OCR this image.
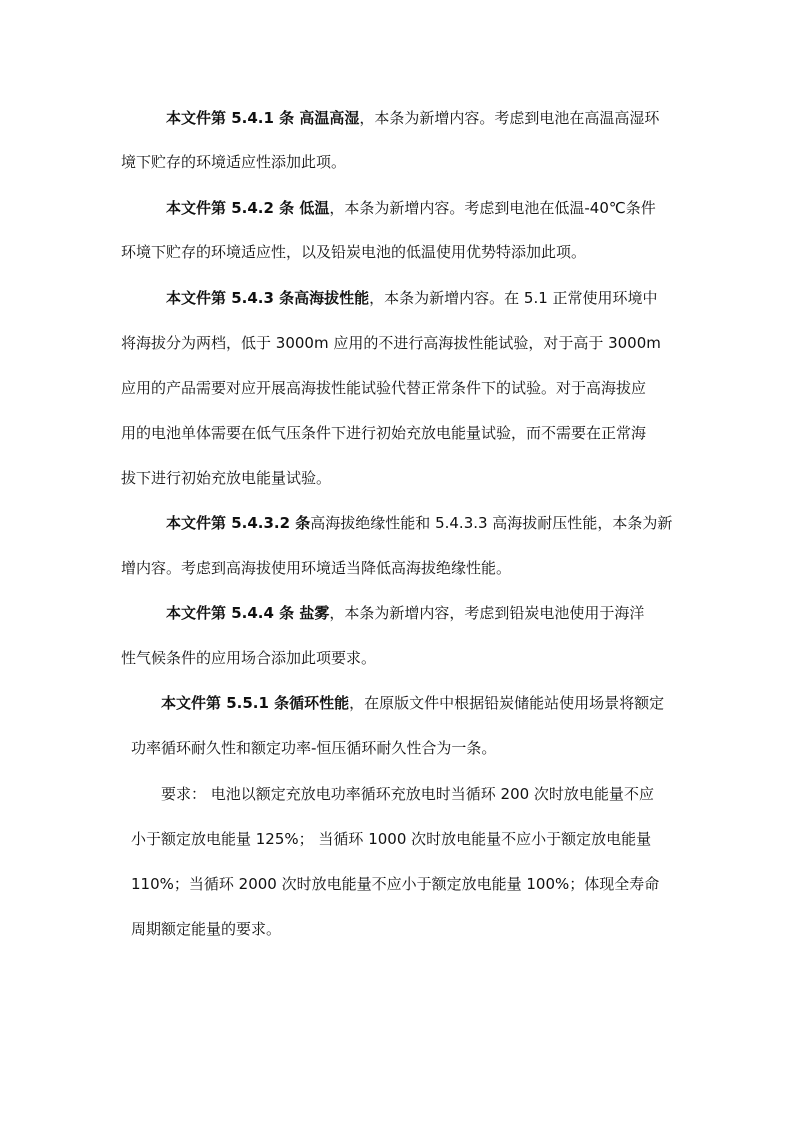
本文件第 5.4.1 条 高温高湿，本条为新增内容。考虑到电池在高温高湿环

境下贮存的环境适应性添加此项。

本文件第 5.4.2 条 低温，本条为新增内容。考虑到电池在低温-40℃条件

环境下贮存的环境适应性，以及铅炭电池的低温使用优势特添加此项。

本文件第 5.4.3 条高海拔性能，本条为新增内容。在 5.1 正常使用环境中

将海拔分为两档，低于 3000m 应用的不进行高海拔性能试验，对于高于 3000m

应用的产品需要对应开展高海拔性能试验代替正常条件下的试验。对于高海拔应

用的电池单体需要在低气压条件下进行初始充放电能量试验，而不需要在正常海

拔下进行初始充放电能量试验。

本文件第 5.4.3.2 条高海拔绝缘性能和 5.4.3.3 高海拔耐压性能，本条为新

增内容。考虑到高海拔使用环境适当降低高海拔绝缘性能。

本文件第 5.4.4 条 盐雾，本条为新增内容，考虑到铅炭电池使用于海洋

性气候条件的应用场合添加此项要求。

本文件第 5.5.1 条循环性能，在原版文件中根据铅炭储能站使用场景将额定

功率循环耐久性和额定功率-恒压循环耐久性合为一条。

要求： 电池以额定充放电功率循环充放电时当循环 200 次时放电能量不应

小于额定放电能量 125%； 当循环 1000 次时放电能量不应小于额定放电能量

110%；当循环 2000 次时放电能量不应小于额定放电能量 100%；体现全寿命

周期额定能量的要求。
